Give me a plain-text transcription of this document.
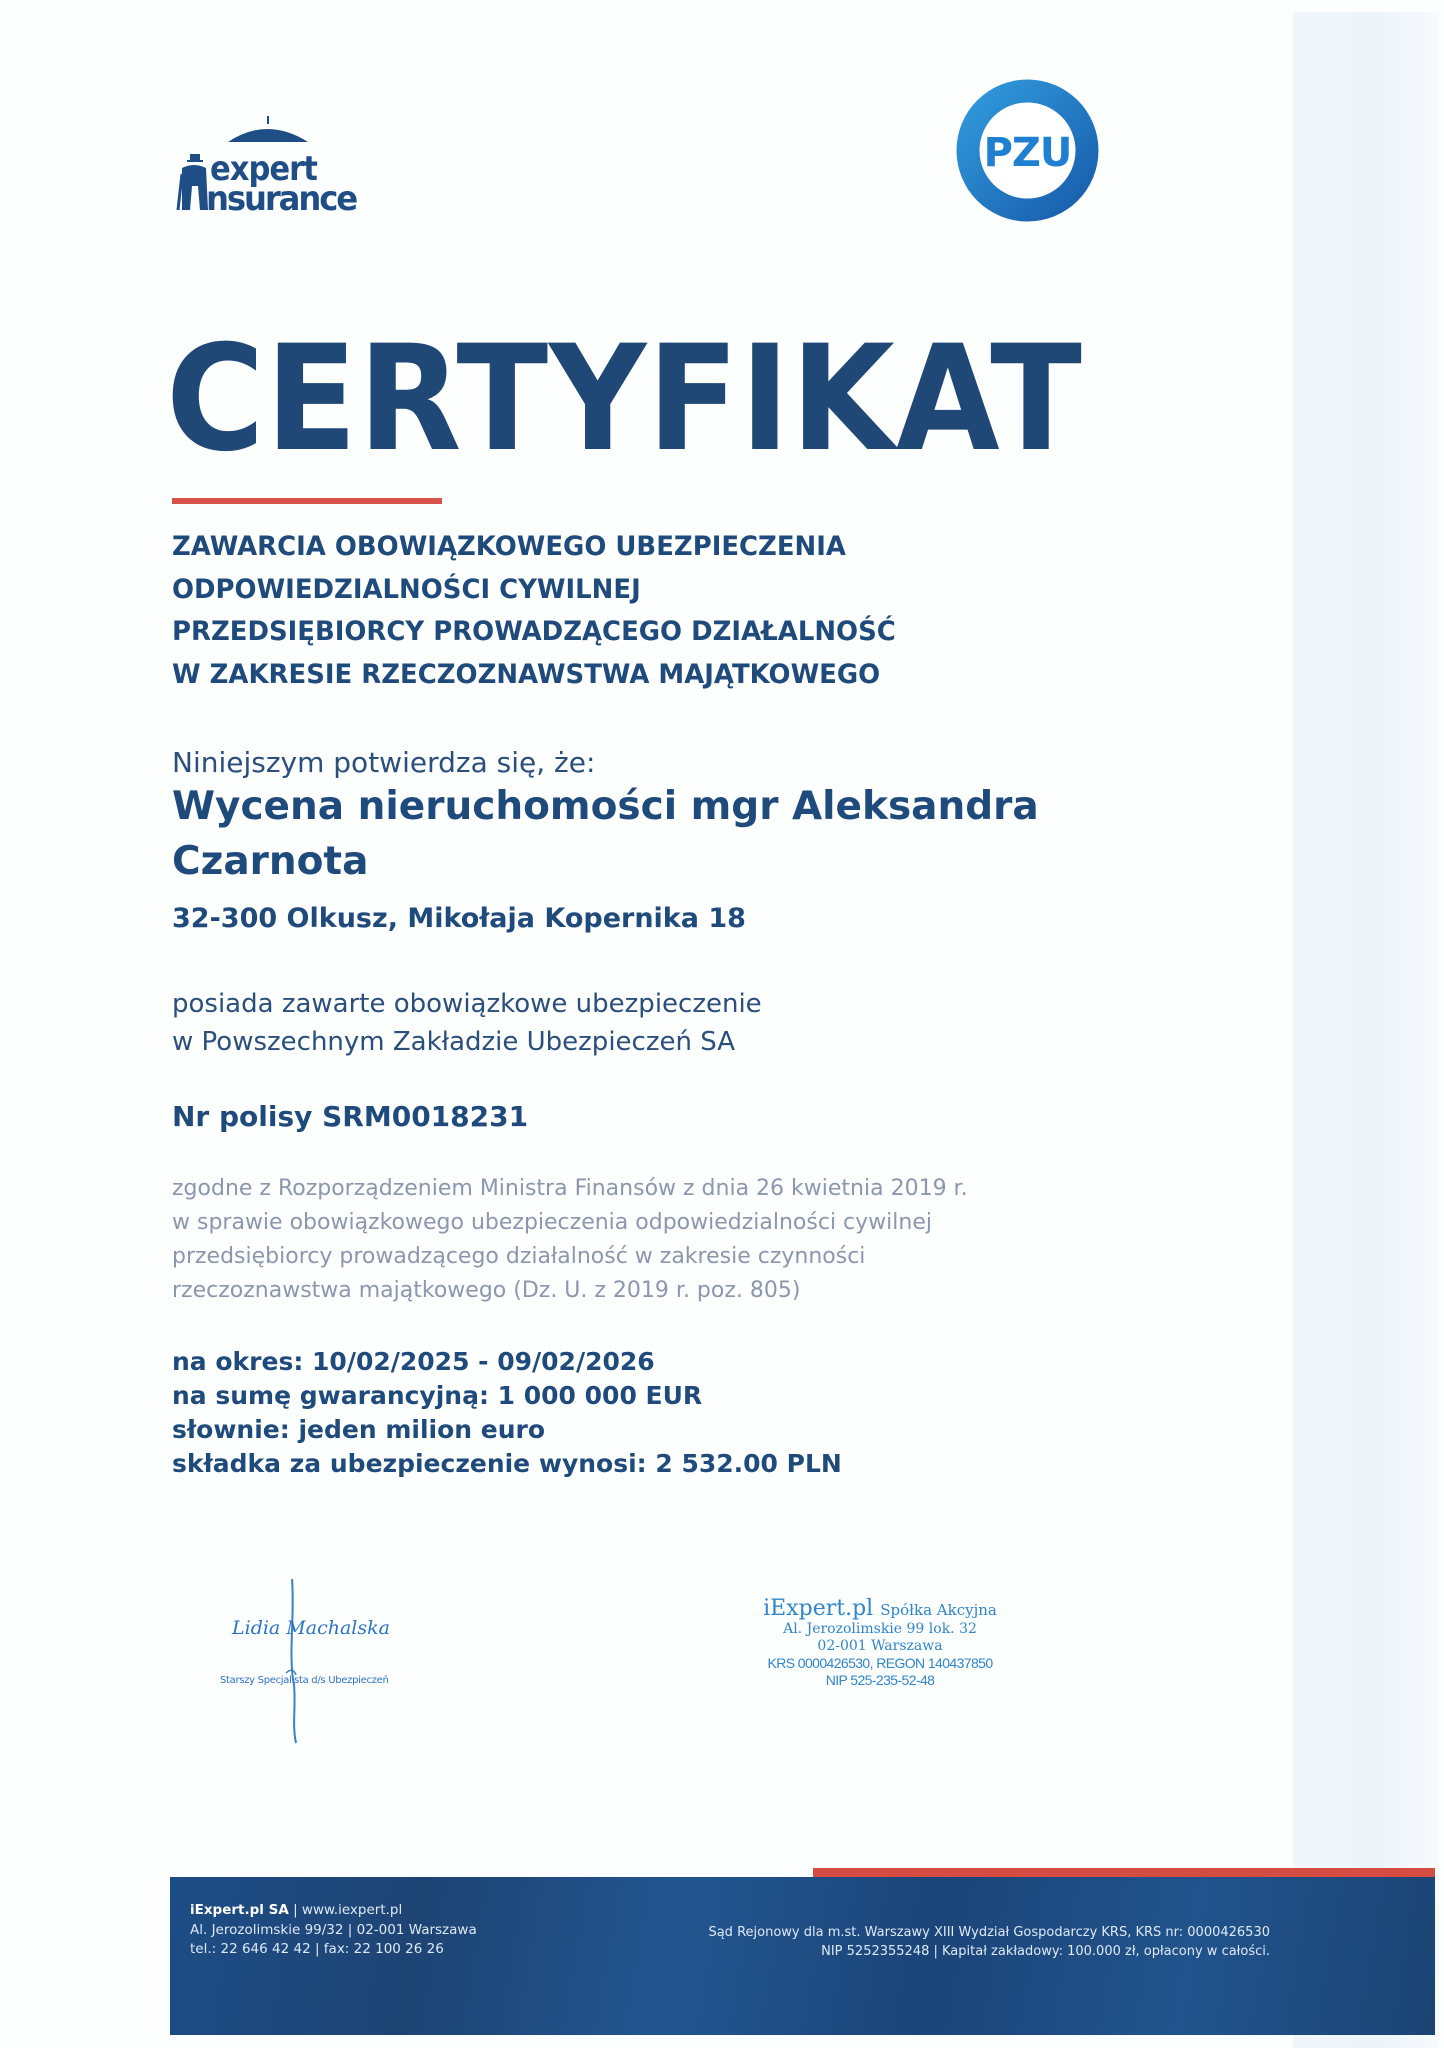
expert
nsurance
PZU
CERTYFIKAT
ZAWARCIA OBOWIĄZKOWEGO UBEZPIECZENIA
ODPOWIEDZIALNOŚCI CYWILNEJ
PRZEDSIĘBIORCY PROWADZĄCEGO DZIAŁALNOŚĆ
W ZAKRESIE RZECZOZNAWSTWA MAJĄTKOWEGO
Niniejszym potwierdza się, że:
Wycena nieruchomości mgr Aleksandra Czarnota
32-300 Olkusz, Mikołaja Kopernika 18
posiada zawarte obowiązkowe ubezpieczenie
w Powszechnym Zakładzie Ubezpieczeń SA
Nr polisy SRM0018231
zgodne z Rozporządzeniem Ministra Finansów z dnia 26 kwietnia 2019 r.
w sprawie obowiązkowego ubezpieczenia odpowiedzialności cywilnej
przedsiębiorcy prowadzącego działalność w zakresie czynności
rzeczoznawstwa majątkowego (Dz. U. z 2019 r. poz. 805)
na okres: 10/02/2025 - 09/02/2026
na sumę gwarancyjną: 1 000 000 EUR
słownie: jeden milion euro
składka za ubezpieczenie wynosi: 2 532.00 PLN
Lidia Machalska
Starszy Specjalista d/s Ubezpieczeń
iExpert.pl Spółka Akcyjna
Al. Jerozolimskie 99 lok. 32
02-001 Warszawa
KRS 0000426530, REGON 140437850
NIP 525-235-52-48
iExpert.pl SA | www.iexpert.pl
Al. Jerozolimskie 99/32 | 02-001 Warszawa
tel.: 22 646 42 42 | fax: 22 100 26 26
Sąd Rejonowy dla m.st. Warszawy XIII Wydział Gospodarczy KRS, KRS nr: 0000426530
NIP 5252355248 | Kapitał zakładowy: 100.000 zł, opłacony w całości.
